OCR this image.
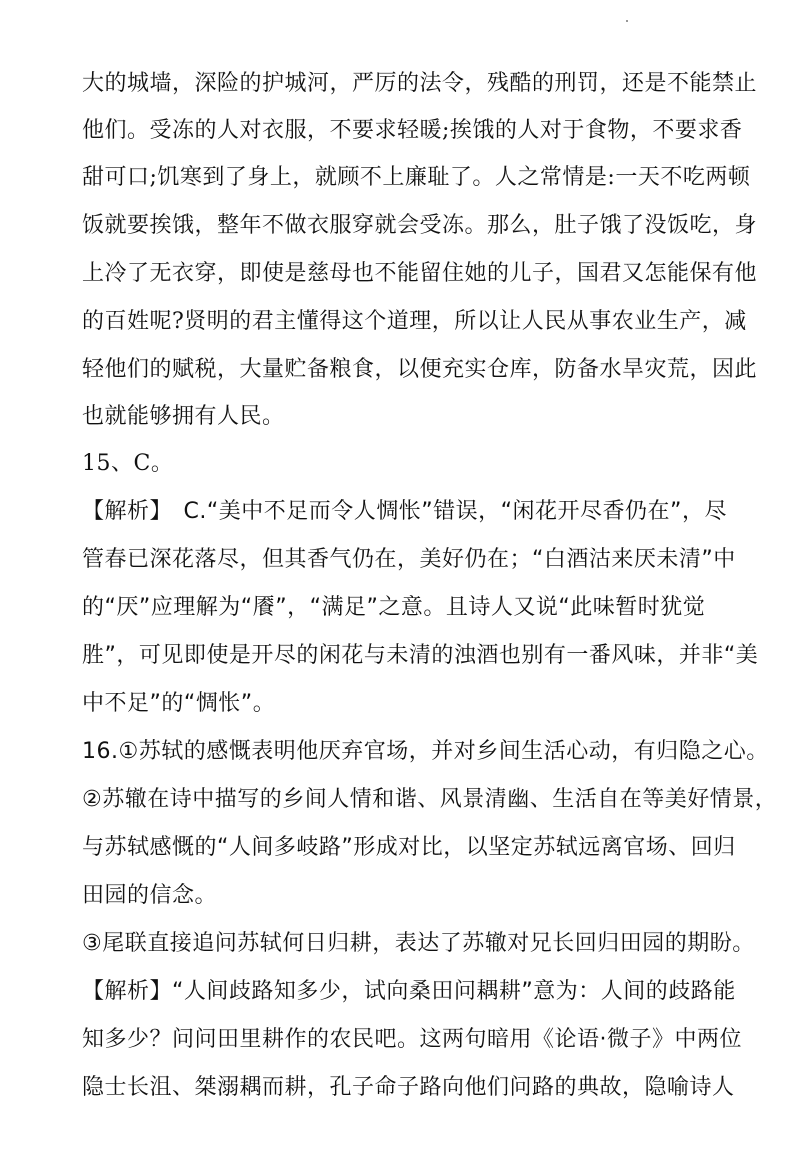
大的城墙，深险的护城河，严厉的法令，残酷的刑罚，还是不能禁止
他们。受冻的人对衣服，不要求轻暖;挨饿的人对于食物，不要求香
甜可口;饥寒到了身上，就顾不上廉耻了。人之常情是:一天不吃两顿
饭就要挨饿，整年不做衣服穿就会受冻。那么，肚子饿了没饭吃，身
上冷了无衣穿，即使是慈母也不能留住她的儿子，国君又怎能保有他
的百姓呢?贤明的君主懂得这个道理，所以让人民从事农业生产，减
轻他们的赋税，大量贮备粮食，以便充实仓库，防备水旱灾荒，因此
也就能够拥有人民。
15、C。
【解析】　C.“美中不足而令人惆怅”错误，“闲花开尽香仍在”，尽
管春已深花落尽，但其香气仍在，美好仍在；“白酒沽来厌未清”中
的“厌”应理解为“餍”，“满足”之意。且诗人又说“此味暂时犹觉
胜”，可见即使是开尽的闲花与未清的浊酒也别有一番风味，并非“美
中不足”的“惆怅”。
16.①苏轼的感慨表明他厌弃官场，并对乡间生活心动，有归隐之心。
②苏辙在诗中描写的乡间人情和谐、风景清幽、生活自在等美好情景，
与苏轼感慨的“人间多岐路”形成对比，以坚定苏轼远离官场、回归
田园的信念。
③尾联直接追问苏轼何日归耕，表达了苏辙对兄长回归田园的期盼。
【解析】“人间歧路知多少，试向桑田问耦耕”意为：人间的歧路能
知多少？问问田里耕作的农民吧。这两句暗用《论语·微子》中两位
隐士长沮、桀溺耦而耕，孔子命子路向他们问路的典故，隐喻诗人
